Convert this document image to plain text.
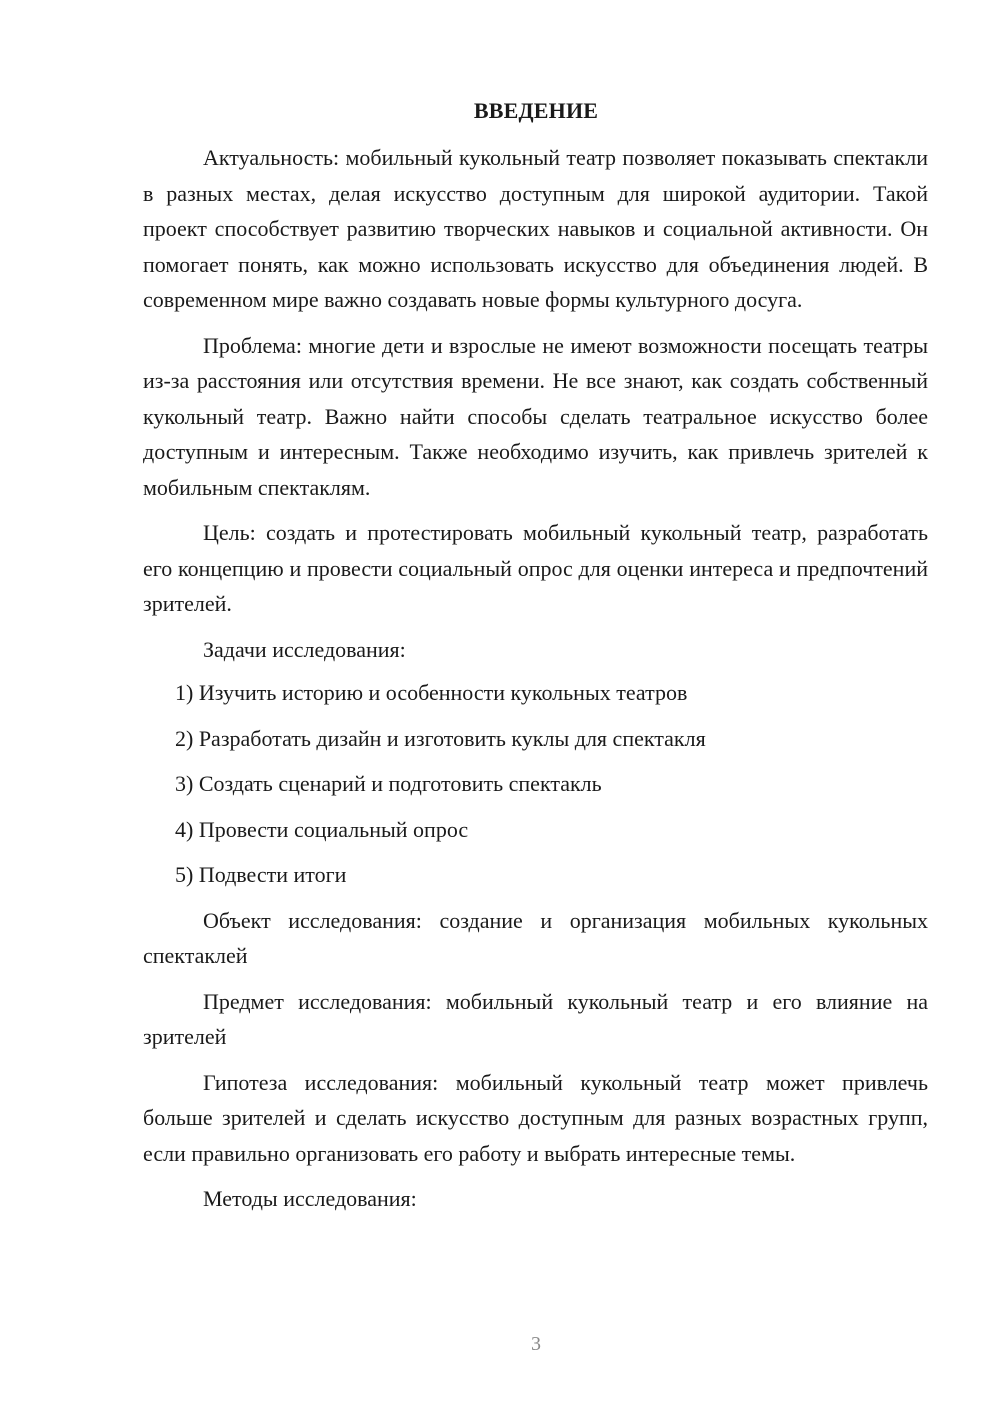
ВВЕДЕНИЕ

Актуальность: мобильный кукольный театр позволяет показывать спектакли в разных местах, делая искусство доступным для широкой аудитории. Такой проект способствует развитию творческих навыков и социальной активности. Он помогает понять, как можно использовать искусство для объединения людей. В современном мире важно создавать новые формы культурного досуга.

Проблема: многие дети и взрослые не имеют возможности посещать театры из-за расстояния или отсутствия времени. Не все знают, как создать собственный кукольный театр. Важно найти способы сделать театральное искусство более доступным и интересным. Также необходимо изучить, как привлечь зрителей к мобильным спектаклям.

Цель: создать и протестировать мобильный кукольный театр, разработать его концепцию и провести социальный опрос для оценки интереса и предпочтений зрителей.

Задачи исследования:

1) Изучить историю и особенности кукольных театров

2) Разработать дизайн и изготовить куклы для спектакля

3) Создать сценарий и подготовить спектакль

4) Провести социальный опрос

5) Подвести итоги

Объект исследования: создание и организация мобильных кукольных спектаклей

Предмет исследования: мобильный кукольный театр и его влияние на зрителей

Гипотеза исследования: мобильный кукольный театр может привлечь больше зрителей и сделать искусство доступным для разных возрастных групп, если правильно организовать его работу и выбрать интересные темы.

Методы исследования:

3
